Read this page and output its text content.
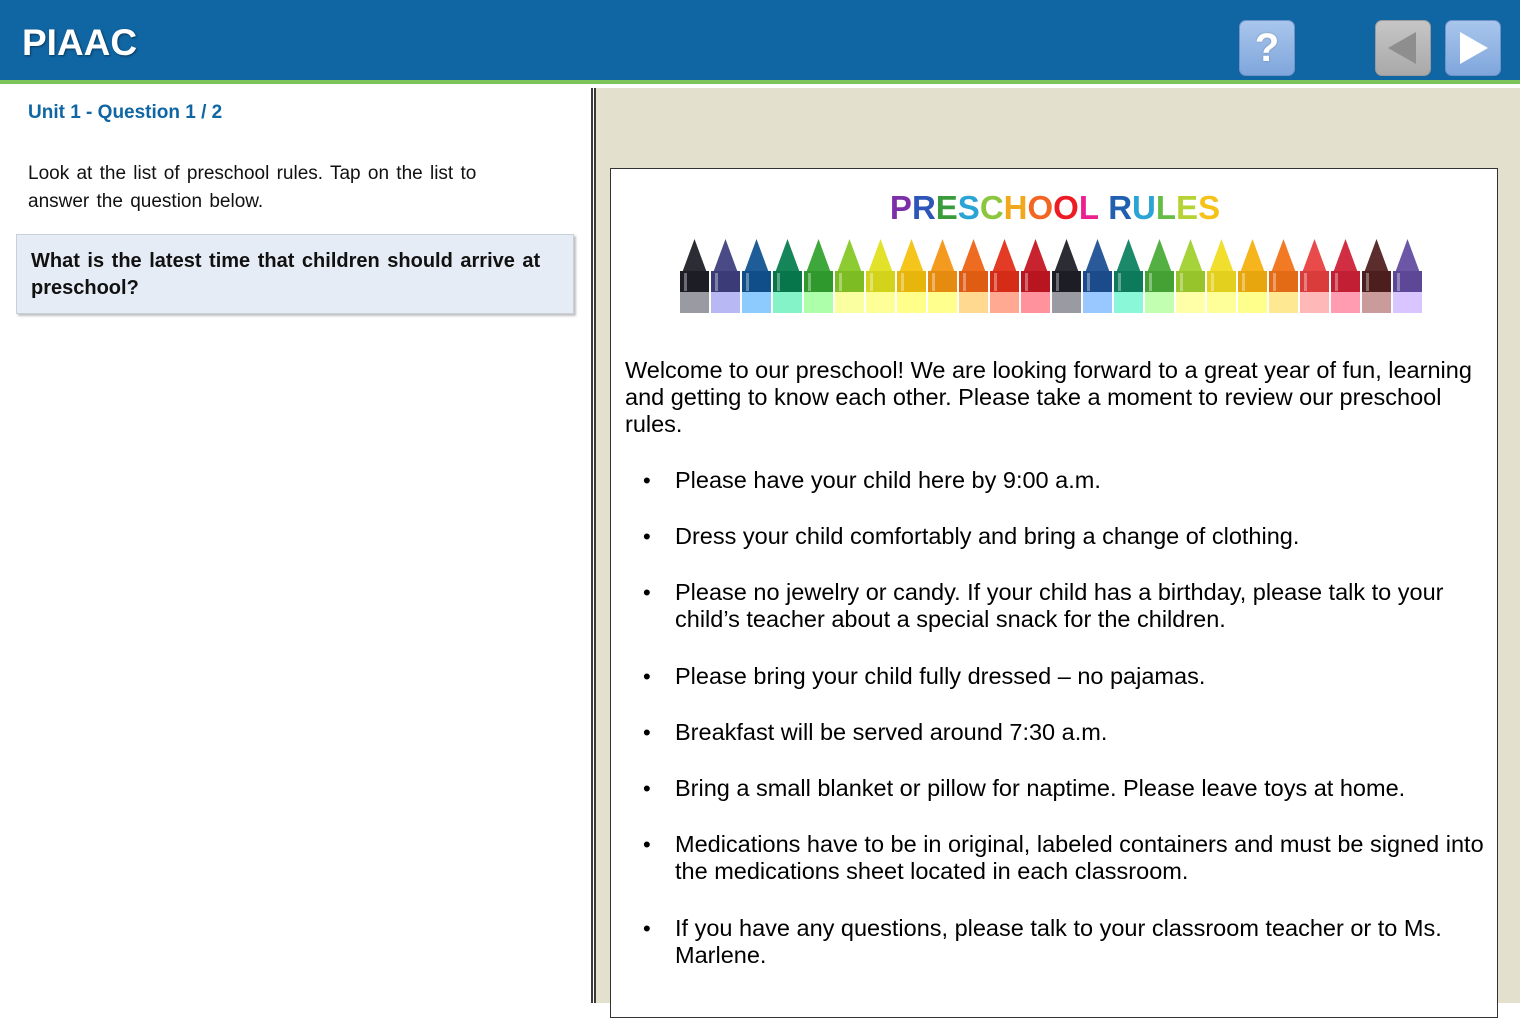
PIAAC	?
Unit 1 - Question 1 / 2
Look at the list of preschool rules. Tap on the list to answer the question below.
What is the latest time that children should arrive at preschool?
PRESCHOOL RULES
Welcome to our preschool! We are looking forward to a great year of fun, learning and getting to know each other. Please take a moment to review our preschool rules.
• Please have your child here by 9:00 a.m.
• Dress your child comfortably and bring a change of clothing.
• Please no jewelry or candy. If your child has a birthday, please talk to your child’s teacher about a special snack for the children.
• Please bring your child fully dressed – no pajamas.
• Breakfast will be served around 7:30 a.m.
• Bring a small blanket or pillow for naptime. Please leave toys at home.
• Medications have to be in original, labeled containers and must be signed into the medications sheet located in each classroom.
• If you have any questions, please talk to your classroom teacher or to Ms. Marlene.
